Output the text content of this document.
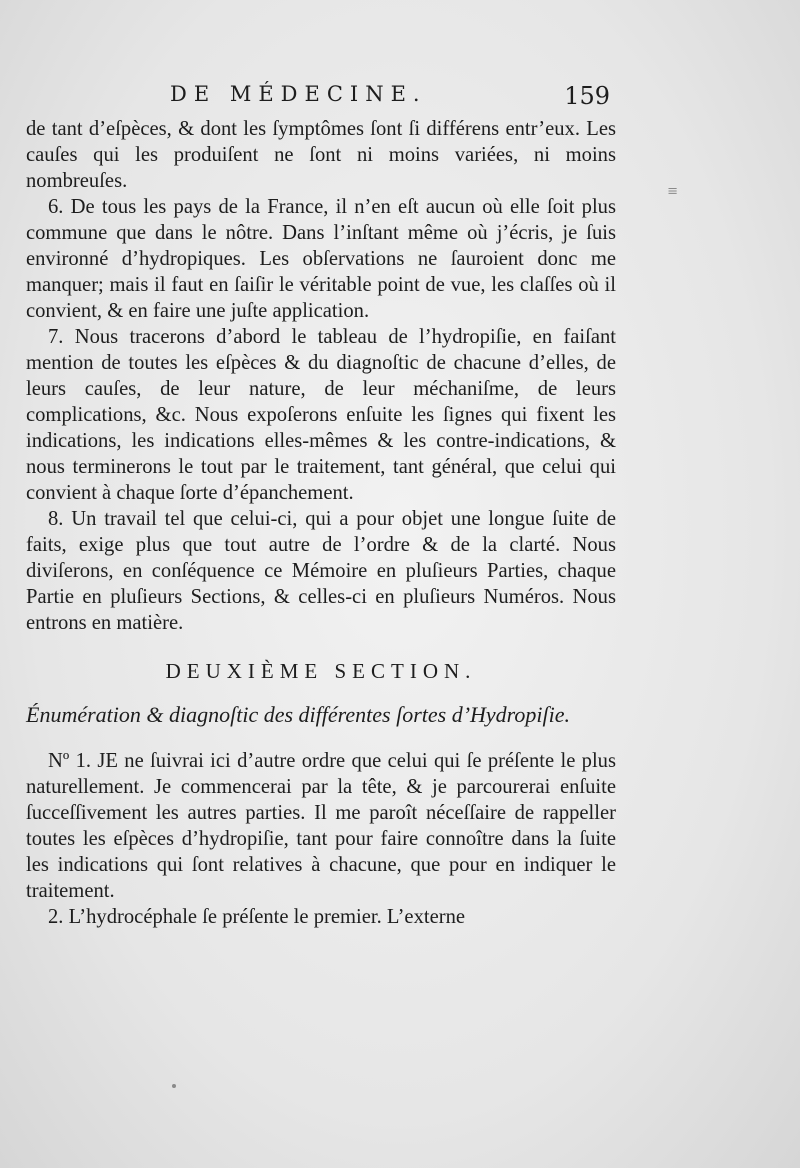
DE MÉDECINE.	159

de tant d’eſpèces, & dont les ſymptômes ſont ſi différens entr’eux. Les cauſes qui les produiſent ne ſont ni moins variées, ni moins nombreuſes.

6. De tous les pays de la France, il n’en eſt aucun où elle ſoit plus commune que dans le nôtre. Dans l’inſtant même où j’écris, je ſuis environné d’hydropiques. Les obſervations ne ſauroient donc me manquer; mais il faut en ſaiſir le véritable point de vue, les claſſes où il convient, & en faire une juſte application.

7. Nous tracerons d’abord le tableau de l’hydropiſie, en faiſant mention de toutes les eſpèces & du diagnoſtic de chacune d’elles, de leurs cauſes, de leur nature, de leur méchaniſme, de leurs complications, &c. Nous expoſerons enſuite les ſignes qui fixent les indications, les indications elles-mêmes & les contre-indications, & nous terminerons le tout par le traitement, tant général, que celui qui convient à chaque ſorte d’épanchement.

8. Un travail tel que celui-ci, qui a pour objet une longue ſuite de faits, exige plus que tout autre de l’ordre & de la clarté. Nous diviſerons, en conſéquence ce Mémoire en pluſieurs Parties, chaque Partie en pluſieurs Sections, & celles-ci en pluſieurs Numéros. Nous entrons en matière.

DEUXIÈME SECTION.

Énumération & diagnoſtic des différentes ſortes d’Hydropiſie.

Nº 1. JE ne ſuivrai ici d’autre ordre que celui qui ſe préſente le plus naturellement. Je commencerai par la tête, & je parcourerai enſuite ſucceſſivement les autres parties. Il me paroît néceſſaire de rappeller toutes les eſpèces d’hydropiſie, tant pour faire connoître dans la ſuite les indications qui ſont relatives à chacune, que pour en indiquer le traitement.

2. L’hydrocéphale ſe préſente le premier. L’externe

≡
